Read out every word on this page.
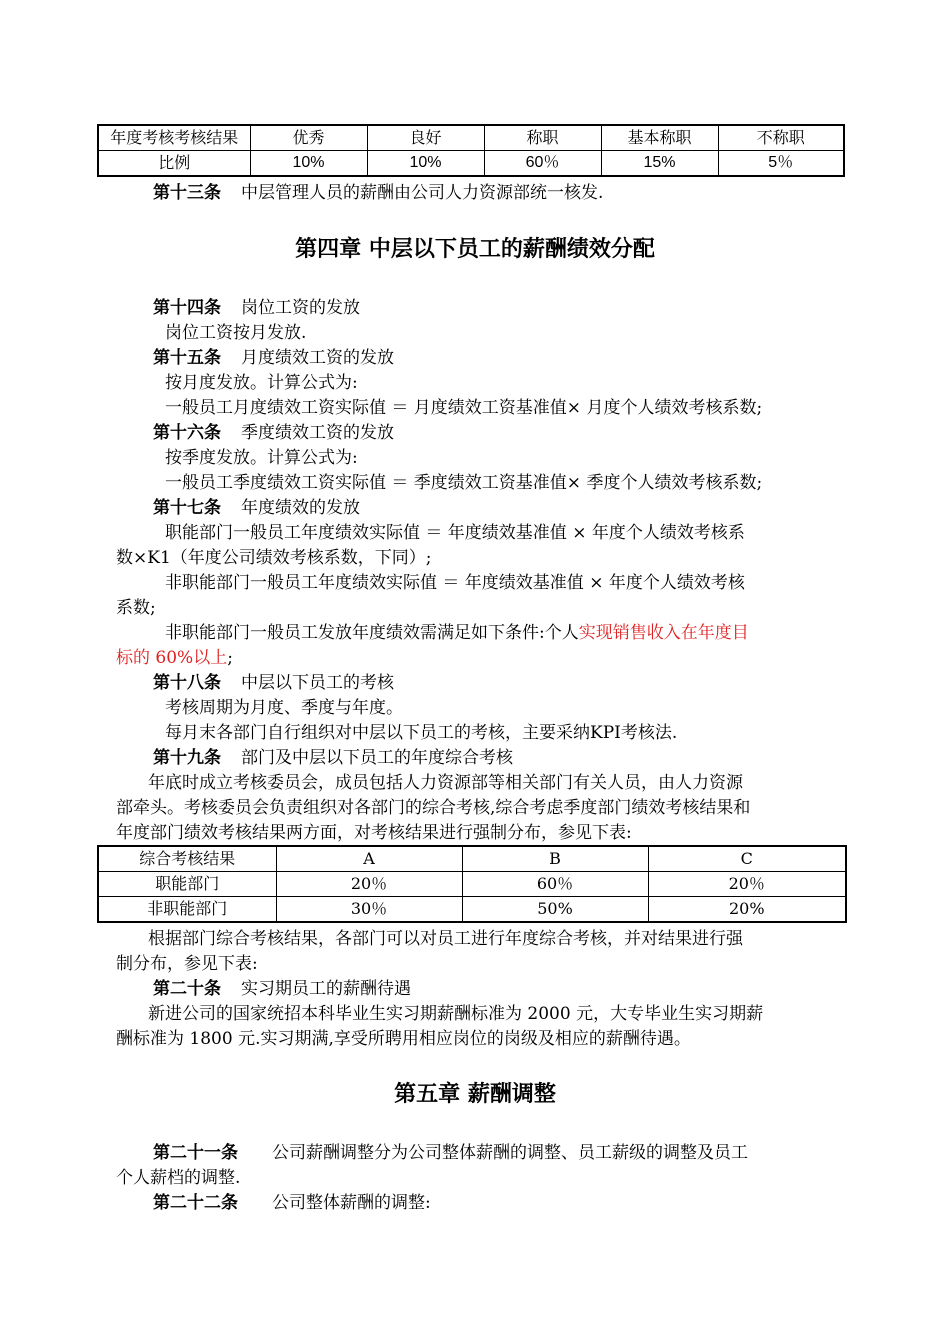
年度考核考核结果	优秀	良好	称职	基本称职	不称职
比例	10%	10%	60％	15%	5％
第十三条 中层管理人员的薪酬由公司人力资源部统一核发.
第四章 中层以下员工的薪酬绩效分配
第十四条 岗位工资的发放
岗位工资按月发放.
第十五条 月度绩效工资的发放
按月度发放。计算公式为:
一般员工月度绩效工资实际值 ＝ 月度绩效工资基准值× 月度个人绩效考核系数;
第十六条 季度绩效工资的发放
按季度发放。计算公式为:
一般员工季度绩效工资实际值 ＝ 季度绩效工资基准值× 季度个人绩效考核系数;
第十七条 年度绩效的发放
职能部门一般员工年度绩效实际值 ＝ 年度绩效基准值 × 年度个人绩效考核系
数×K1（年度公司绩效考核系数，下同）;
非职能部门一般员工年度绩效实际值 ＝ 年度绩效基准值 × 年度个人绩效考核
系数;
非职能部门一般员工发放年度绩效需满足如下条件:个人实现销售收入在年度目
标的 60%以上;
第十八条 中层以下员工的考核
考核周期为月度、季度与年度。
每月末各部门自行组织对中层以下员工的考核，主要采纳KPI考核法.
第十九条 部门及中层以下员工的年度综合考核
年底时成立考核委员会，成员包括人力资源部等相关部门有关人员，由人力资源
部牵头。考核委员会负责组织对各部门的综合考核,综合考虑季度部门绩效考核结果和
年度部门绩效考核结果两方面，对考核结果进行强制分布，参见下表:
综合考核结果	A	B	C
职能部门	20％	60％	20％
非职能部门	30％	50%	20%
根据部门综合考核结果，各部门可以对员工进行年度综合考核，并对结果进行强
制分布，参见下表:
第二十条 实习期员工的薪酬待遇
新进公司的国家统招本科毕业生实习期薪酬标准为 2000 元，大专毕业生实习期薪
酬标准为 1800 元.实习期满,享受所聘用相应岗位的岗级及相应的薪酬待遇。
第五章 薪酬调整
第二十一条 公司薪酬调整分为公司整体薪酬的调整、员工薪级的调整及员工
个人薪档的调整.
第二十二条 公司整体薪酬的调整:
